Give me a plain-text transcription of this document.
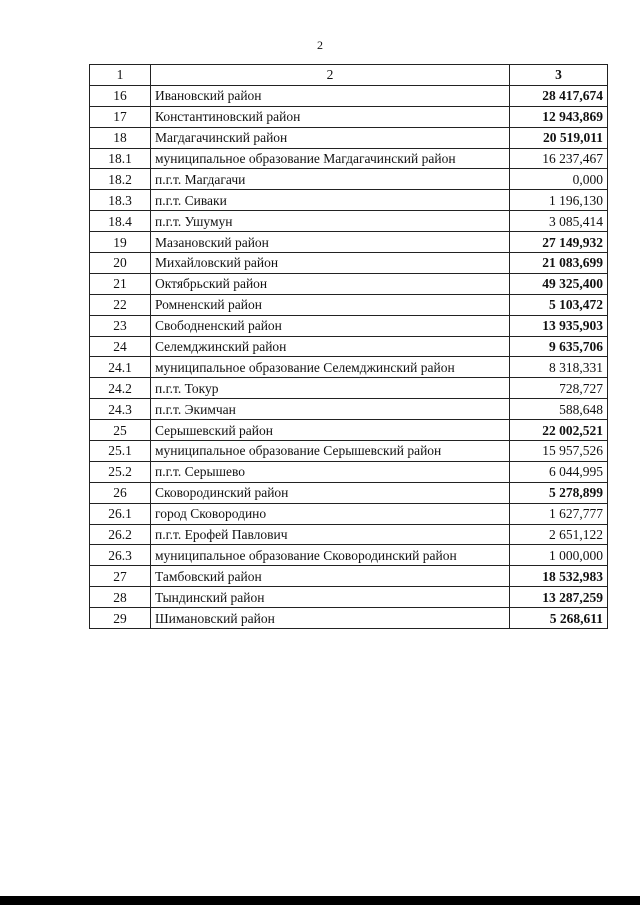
2
1	2	3
16	Ивановский район	28 417,674
17	Константиновский район	12 943,869
18	Магдагачинский район	20 519,011
18.1	муниципальное образование Магдагачинский район	16 237,467
18.2	п.г.т. Магдагачи	0,000
18.3	п.г.т. Сиваки	1 196,130
18.4	п.г.т. Ушумун	3 085,414
19	Мазановский район	27 149,932
20	Михайловский район	21 083,699
21	Октябрьский район	49 325,400
22	Ромненский район	5 103,472
23	Свободненский район	13 935,903
24	Селемджинский район	9 635,706
24.1	муниципальное образование Селемджинский район	8 318,331
24.2	п.г.т. Токур	728,727
24.3	п.г.т. Экимчан	588,648
25	Серышевский район	22 002,521
25.1	муниципальное образование Серышевский район	15 957,526
25.2	п.г.т. Серышево	6 044,995
26	Сковородинский район	5 278,899
26.1	город Сковородино	1 627,777
26.2	п.г.т. Ерофей Павлович	2 651,122
26.3	муниципальное образование Сковородинский район	1 000,000
27	Тамбовский район	18 532,983
28	Тындинский район	13 287,259
29	Шимановский район	5 268,611
